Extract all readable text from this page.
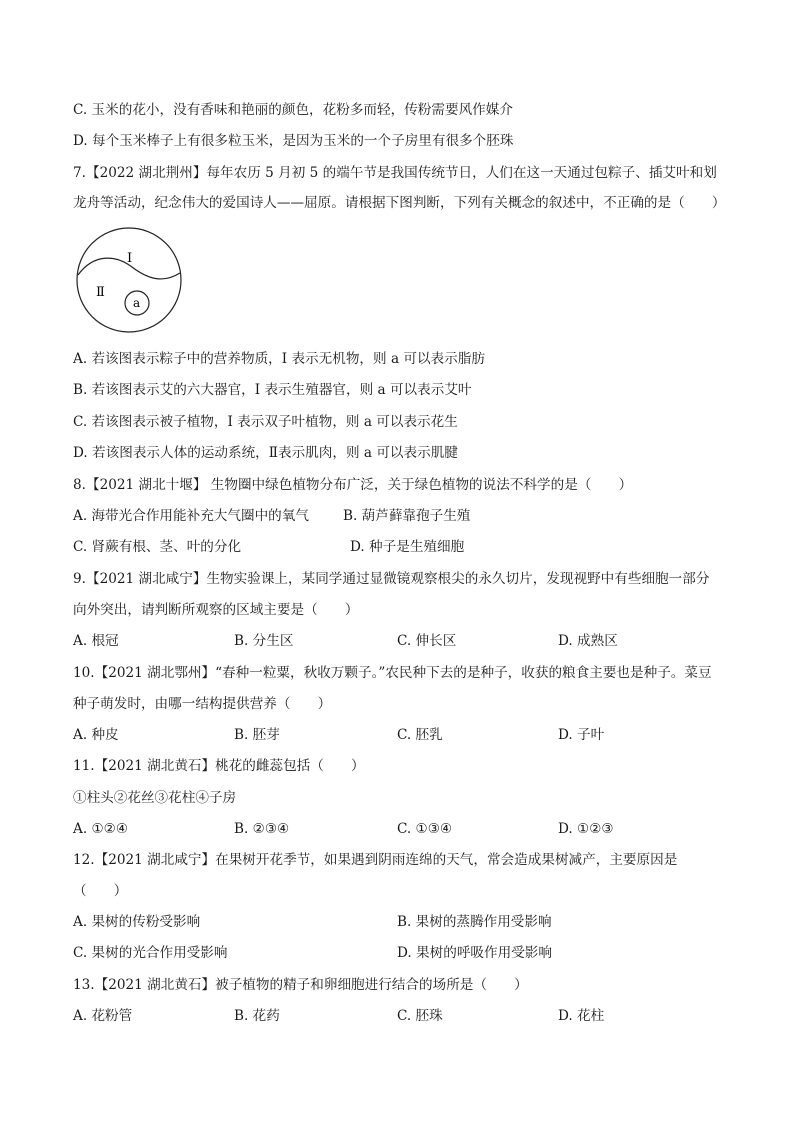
C. 玉米的花小，没有香味和艳丽的颜色，花粉多而轻，传粉需要风作媒介
D. 每个玉米棒子上有很多粒玉米，是因为玉米的一个子房里有很多个胚珠
7.【2022 湖北荆州】每年农历 5 月初 5 的端午节是我国传统节日，人们在这一天通过包粽子、插艾叶和划
龙舟等活动，纪念伟大的爱国诗人——屈原。请根据下图判断，下列有关概念的叙述中，不正确的是（　　）
I
Ⅱ
a
A. 若该图表示粽子中的营养物质，I 表示无机物，则 a 可以表示脂肪
B. 若该图表示艾的六大器官，I 表示生殖器官，则 a 可以表示艾叶
C. 若该图表示被子植物，I 表示双子叶植物，则 a 可以表示花生
D. 若该图表示人体的运动系统，Ⅱ表示肌肉，则 a 可以表示肌腱
8.【2021 湖北十堰】 生物圈中绿色植物分布广泛，关于绿色植物的说法不科学的是（　　）
A. 海带光合作用能补充大气圈中的氧气	B. 葫芦藓靠孢子生殖
C. 肾蕨有根、茎、叶的分化	D. 种子是生殖细胞
9.【2021 湖北咸宁】生物实验课上，某同学通过显微镜观察根尖的永久切片，发现视野中有些细胞一部分
向外突出，请判断所观察的区域主要是（　　）
A. 根冠	B. 分生区	C. 伸长区	D. 成熟区
10.【2021 湖北鄂州】“春种一粒粟，秋收万颗子。”农民种下去的是种子，收获的粮食主要也是种子。菜豆
种子萌发时，由哪一结构提供营养（　　）
A. 种皮	B. 胚芽	C. 胚乳	D. 子叶
11.【2021 湖北黄石】桃花的雌蕊包括（　　）
①柱头②花丝③花柱④子房
A. ①②④	B. ②③④	C. ①③④	D. ①②③
12.【2021 湖北咸宁】在果树开花季节，如果遇到阴雨连绵的天气，常会造成果树减产，主要原因是
（　　）
A. 果树的传粉受影响	B. 果树的蒸腾作用受影响
C. 果树的光合作用受影响	D. 果树的呼吸作用受影响
13.【2021 湖北黄石】被子植物的精子和卵细胞进行结合的场所是（　　）
A. 花粉管	B. 花药	C. 胚珠	D. 花柱
